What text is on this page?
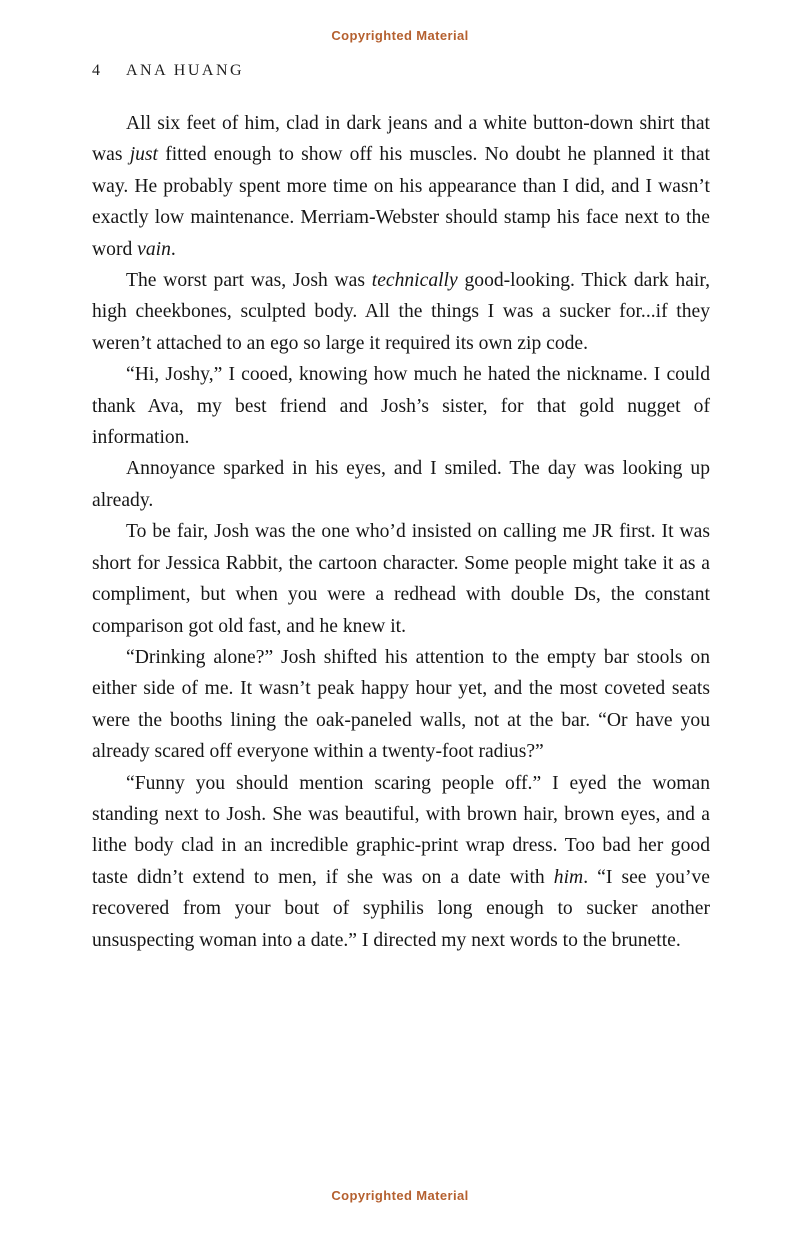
Copyrighted Material
4 ANA HUANG

All six feet of him, clad in dark jeans and a white button-down shirt that was just fitted enough to show off his muscles. No doubt he planned it that way. He probably spent more time on his appearance than I did, and I wasn’t exactly low maintenance. Merriam-Webster should stamp his face next to the word vain.

The worst part was, Josh was technically good-looking. Thick dark hair, high cheekbones, sculpted body. All the things I was a sucker for...if they weren’t attached to an ego so large it required its own zip code.

“Hi, Joshy,” I cooed, knowing how much he hated the nickname. I could thank Ava, my best friend and Josh’s sister, for that gold nugget of information.

Annoyance sparked in his eyes, and I smiled. The day was looking up already.

To be fair, Josh was the one who’d insisted on calling me JR first. It was short for Jessica Rabbit, the cartoon character. Some people might take it as a compliment, but when you were a redhead with double Ds, the constant comparison got old fast, and he knew it.

“Drinking alone?” Josh shifted his attention to the empty bar stools on either side of me. It wasn’t peak happy hour yet, and the most coveted seats were the booths lining the oak-paneled walls, not at the bar. “Or have you already scared off everyone within a twenty-foot radius?”

“Funny you should mention scaring people off.” I eyed the woman standing next to Josh. She was beautiful, with brown hair, brown eyes, and a lithe body clad in an incredible graphic-print wrap dress. Too bad her good taste didn’t extend to men, if she was on a date with him. “I see you’ve recovered from your bout of syphilis long enough to sucker another unsuspecting woman into a date.” I directed my next words to the brunette.

Copyrighted Material
